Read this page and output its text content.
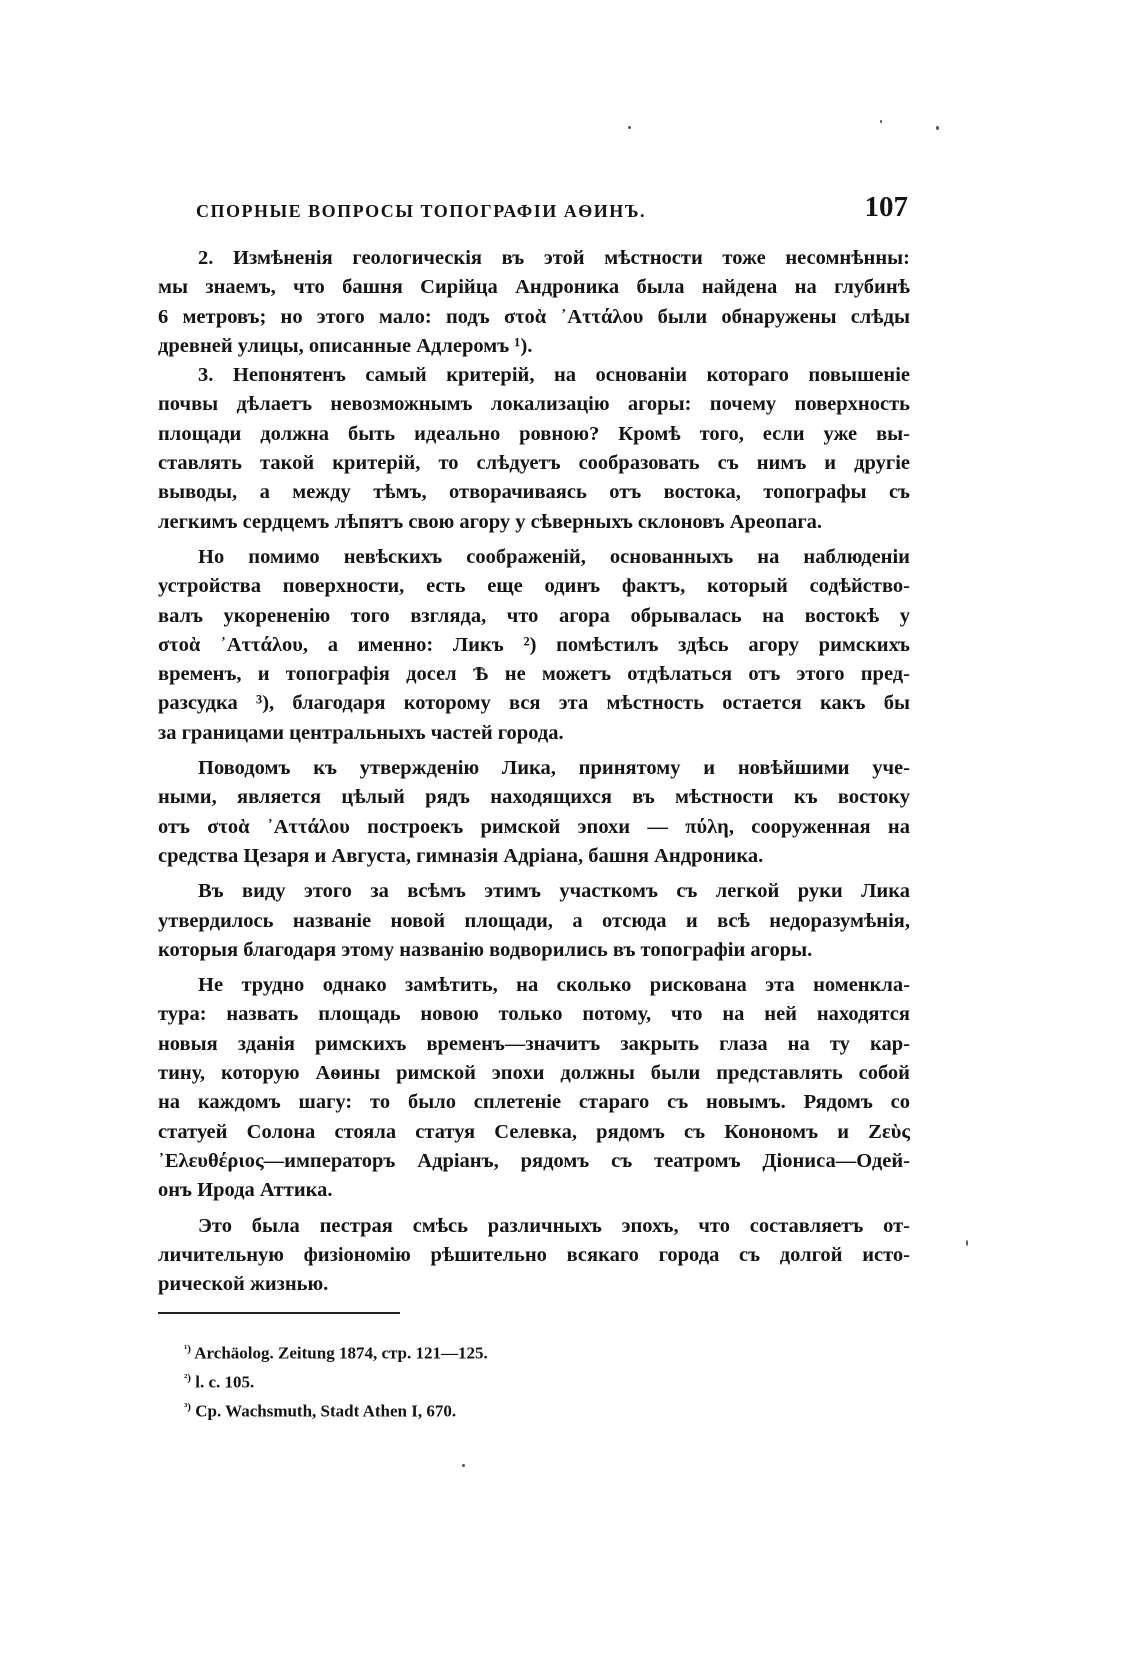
СПОРНЫЕ ВОПРОСЫ ТОПОГРАФІИ АѲИНЪ.	107
2. Измѣненія геологическія въ этой мѣстности тоже несомнѣнны:
мы знаемъ, что башня Сирійца Андроника была найдена на глубинѣ
6 метровъ; но этого мало: подъ στοὰ ᾿Αττάλου были обнаружены слѣды
древней улицы, описанные Адлеромъ ¹).
3. Непонятенъ самый критерій, на основаніи котораго повышеніе
почвы дѣлаетъ невозможнымъ локализацію агоры: почему поверхность
площади должна быть идеально ровною? Кромѣ того, если уже вы-
ставлять такой критерій, то слѣдуетъ сообразовать съ нимъ и другіе
выводы, а между тѣмъ, отворачиваясь отъ востока, топографы съ
легкимъ сердцемъ лѣпятъ свою агору у сѣверныхъ склоновъ Ареопага.
Но помимо невѣскихъ соображеній, основанныхъ на наблюденіи
устройства поверхности, есть еще одинъ фактъ, который содѣйство-
валъ укорененію того взгляда, что агора обрывалась на востокѣ у
στοὰ ᾿Αττάλου, а именно: Ликъ ²) помѣстилъ здѣсь агору римскихъ
временъ, и топографія досел Ѣ не можетъ отдѣлаться отъ этого пред-
разсудка ³), благодаря которому вся эта мѣстность остается какъ бы
за границами центральныхъ частей города.
Поводомъ къ утвержденію Лика, принятому и новѣйшими уче-
ными, является цѣлый рядъ находящихся въ мѣстности къ востоку
отъ στοὰ ᾿Αττάλου построекъ римской эпохи — πύλη, сооруженная на
средства Цезаря и Августа, гимназія Адріана, башня Андроника.
Въ виду этого за всѣмъ этимъ участкомъ съ легкой руки Лика
утвердилось названіе новой площади, а отсюда и всѣ недоразумѣнія,
которыя благодаря этому названію водворились въ топографіи агоры.
Не трудно однако замѣтить, на сколько рискована эта номенкла-
тура: назвать площадь новою только потому, что на ней находятся
новыя зданія римскихъ временъ—значитъ закрыть глаза на ту кар-
тину, которую Аѳины римской эпохи должны были представлять собой
на каждомъ шагу: то было сплетеніе стараго съ новымъ. Рядомъ со
статуей Солона стояла статуя Селевка, рядомъ съ Конономъ и Ζεὺς
᾿Ελευθέριος—императоръ Адріанъ, рядомъ съ театромъ Діониса—Одей-
онъ Ирода Аттика.
Это была пестрая смѣсь различныхъ эпохъ, что составляетъ от-
личительную физіономію рѣшительно всякаго города съ долгой исто-
рической жизнью.
$^{^1)}$ Archäolog. Zeitung 1874, стр. 121—125.
$^{^2)}$ l. c. 105.
$^{^3)}$ Cp. Wachsmuth, Stadt Athen I, 670.
